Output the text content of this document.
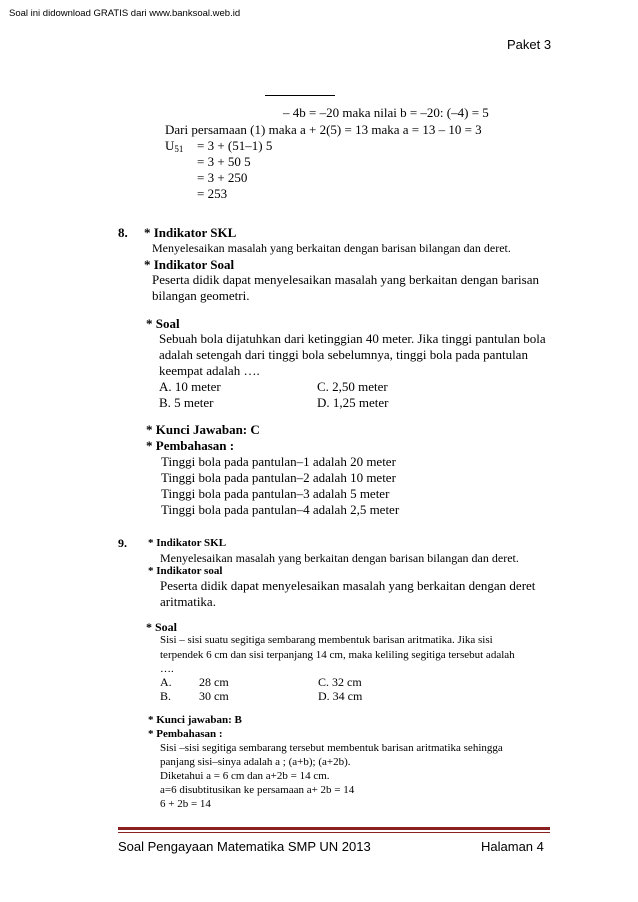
Soal ini didownload GRATIS dari www.banksoal.web.id
Paket 3
– 4b = –20 maka nilai b = –20: (–4) = 5
Dari persamaan (1) maka a + 2(5) = 13 maka a = 13 – 10 = 3
$U_{51} = 3 + (51-1)$ 5
= 3 + 50 5
= 3 + 250
= 253
8. * Indikator SKL
Menyelesaikan masalah yang berkaitan dengan barisan bilangan dan deret.
* Indikator Soal
Peserta didik dapat menyelesaikan masalah yang berkaitan dengan barisan
bilangan geometri.
* Soal
Sebuah bola dijatuhkan dari ketinggian 40 meter. Jika tinggi pantulan bola
adalah setengah dari tinggi bola sebelumnya, tinggi bola pada pantulan
keempat adalah ….
A. 10 meter
B. 5 meter
C. 2,50 meter
D. 1,25 meter
* Kunci Jawaban: C
* Pembahasan :
Tinggi bola pada pantulan–1 adalah 20 meter
Tinggi bola pada pantulan–2 adalah 10 meter
Tinggi bola pada pantulan–3 adalah 5 meter
Tinggi bola pada pantulan–4 adalah 2,5 meter
9. * Indikator SKL
Menyelesaikan masalah yang berkaitan dengan barisan bilangan dan deret.
* Indikator soal
Peserta didik dapat menyelesaikan masalah yang berkaitan dengan deret
aritmatika.
* Soal
Sisi – sisi suatu segitiga sembarang membentuk barisan aritmatika. Jika sisi
terpendek 6 cm dan sisi terpanjang 14 cm, maka keliling segitiga tersebut adalah
….
A. 28 cm
B. 30 cm
C. 32 cm
D. 34 cm
* Kunci jawaban: B
* Pembahasan :
Sisi –sisi segitiga sembarang tersebut membentuk barisan aritmatika sehingga
panjang sisi–sinya adalah a ; (a+b); (a+2b).
Diketahui a = 6 cm dan a+2b = 14 cm.
a=6 disubtitusikan ke persamaan a+ 2b = 14
6 + 2b = 14
Soal Pengayaan Matematika SMP UN 2013	Halaman 4
